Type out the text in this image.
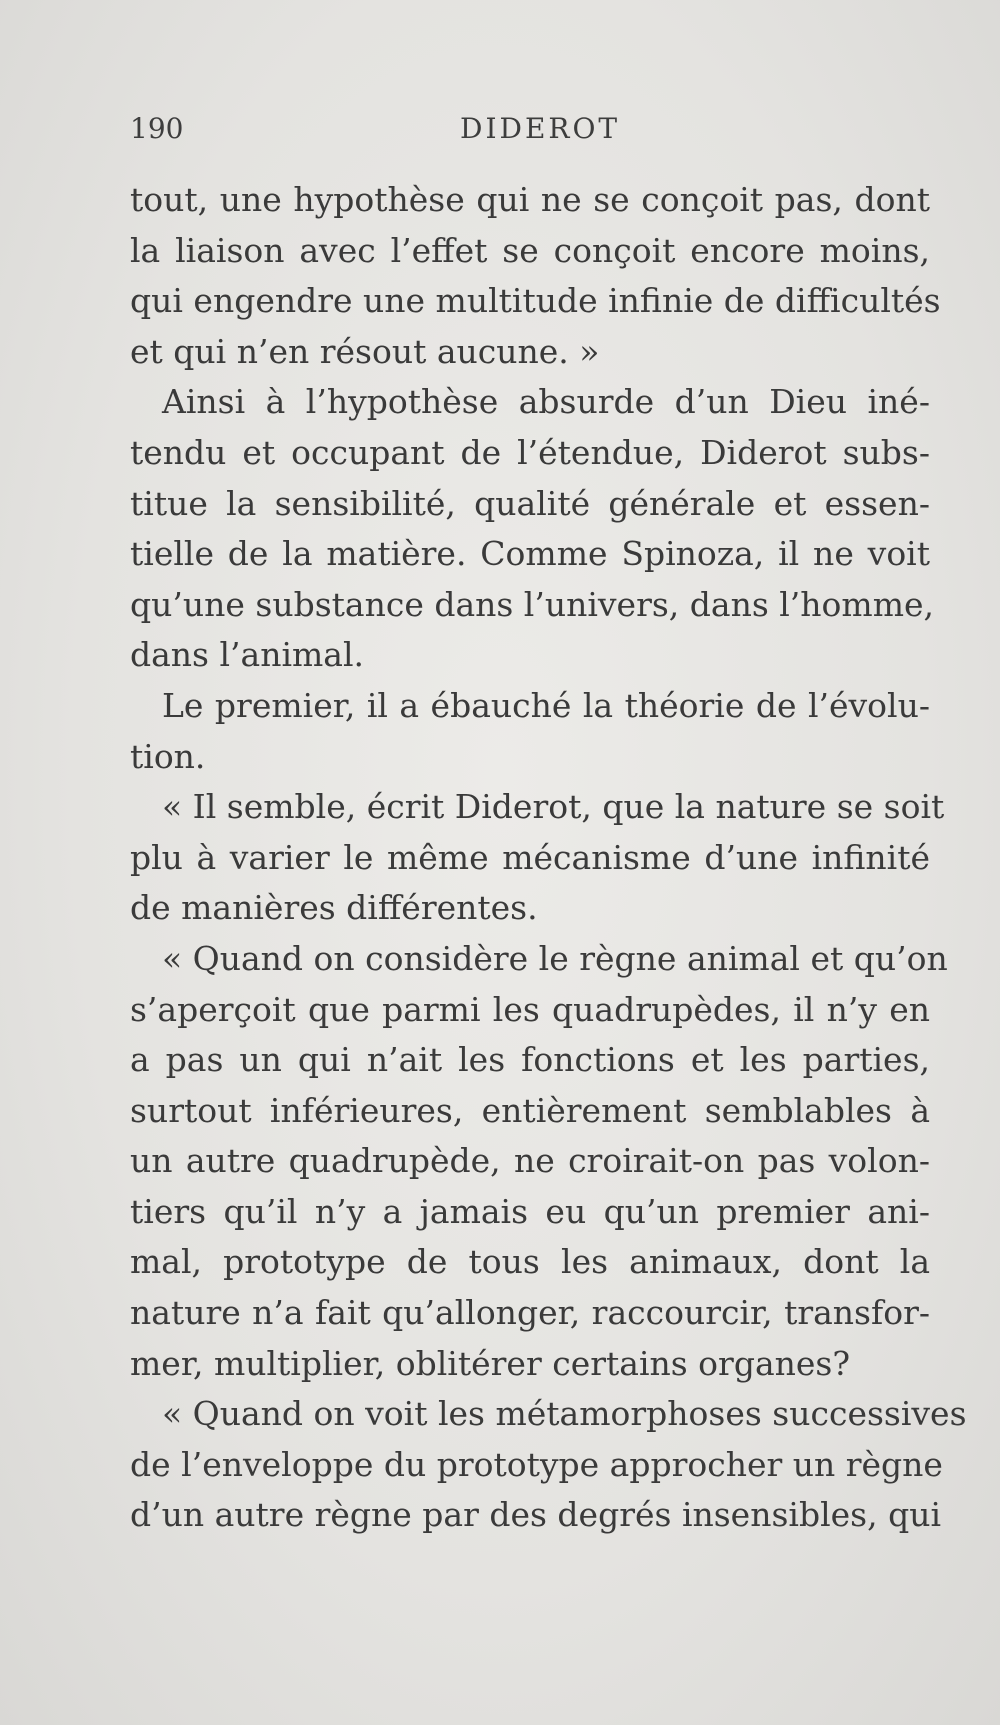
190	DIDEROT
tout, une hypothèse qui ne se conçoit pas, dont
la liaison avec l’effet se conçoit encore moins,
qui engendre une multitude infinie de difficultés
et qui n’en résout aucune. »
Ainsi à l’hypothèse absurde d’un Dieu iné-
tendu et occupant de l’étendue, Diderot subs-
titue la sensibilité, qualité générale et essen-
tielle de la matière. Comme Spinoza, il ne voit
qu’une substance dans l’univers, dans l’homme,
dans l’animal.
Le premier, il a ébauché la théorie de l’évolu-
tion.
« Il semble, écrit Diderot, que la nature se soit
plu à varier le même mécanisme d’une infinité
de manières différentes.
« Quand on considère le règne animal et qu’on
s’aperçoit que parmi les quadrupèdes, il n’y en
a pas un qui n’ait les fonctions et les parties,
surtout inférieures, entièrement semblables à
un autre quadrupède, ne croirait-on pas volon-
tiers qu’il n’y a jamais eu qu’un premier ani-
mal, prototype de tous les animaux, dont la
nature n’a fait qu’allonger, raccourcir, transfor-
mer, multiplier, oblitérer certains organes?
« Quand on voit les métamorphoses successives
de l’enveloppe du prototype approcher un règne
d’un autre règne par des degrés insensibles, qui
